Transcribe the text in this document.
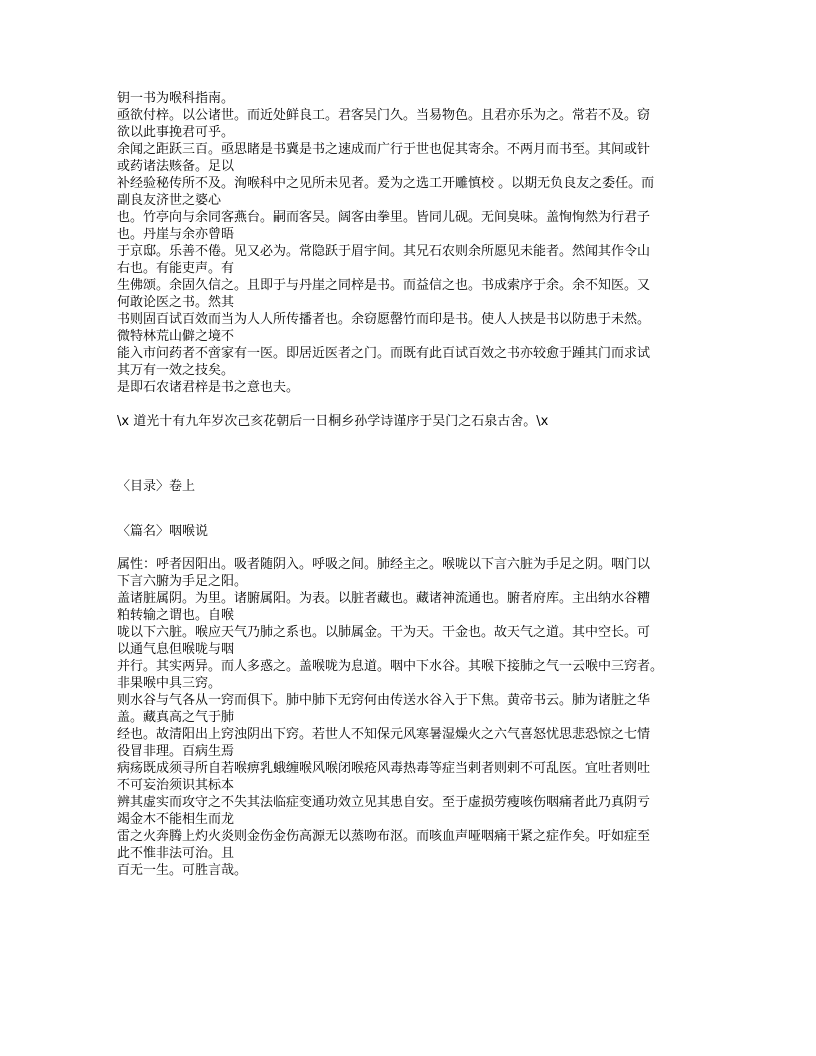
钥一书为喉科指南。
亟欲付梓。以公诸世。而近处鲜良工。君客吴门久。当易物色。且君亦乐为之。常若不及。窃
欲以此事挽君可乎。
余闻之距跃三百。亟思睹是书冀是书之速成而广行于世也促其寄余。不两月而书至。其间或针
或药诸法赅备。足以
补经验秘传所不及。洵喉科中之见所未见者。爰为之选工开雕慎校 。以期无负良友之委任。而
副良友济世之婆心
也。竹亭向与余同客燕台。嗣而客吴。阔客由拳里。皆同儿砚。无间臭味。盖恂恂然为行君子
也。丹崖与余亦曾晤
于京邸。乐善不倦。见又必为。常隐跃于眉宇间。其兄石农则余所愿见未能者。然闻其作令山
右也。有能吏声。有
生佛颂。余固久信之。且即于与丹崖之同梓是书。而益信之也。书成索序于余。余不知医。又
何敢论医之书。然其
书则固百试百效而当为人人所传播者也。余窃愿罄竹而印是书。使人人挟是书以防患于未然。
微特林荒山僻之境不
能入市问药者不啻家有一医。即居近医者之门。而既有此百试百效之书亦较愈于踵其门而求试
其万有一效之技矣。
是即石农诸君梓是书之意也夫。
\x 道光十有九年岁次己亥花朝后一日桐乡孙学诗谨序于吴门之石泉古舍。\x
〈目录〉卷上
〈篇名〉咽喉说
属性：呼者因阳出。吸者随阴入。呼吸之间。肺经主之。喉咙以下言六脏为手足之阴。咽门以
下言六腑为手足之阳。
盖诸脏属阴。为里。诸腑属阳。为表。以脏者藏也。藏诸神流通也。腑者府库。主出纳水谷糟
粕转输之谓也。自喉
咙以下六脏。喉应天气乃肺之系也。以肺属金。干为天。干金也。故天气之道。其中空长。可
以通气息但喉咙与咽
并行。其实两异。而人多惑之。盖喉咙为息道。咽中下水谷。其喉下接肺之气一云喉中三窍者。
非果喉中具三窍。
则水谷与气各从一窍而俱下。肺中肺下无窍何由传送水谷入于下焦。黄帝书云。肺为诸脏之华
盖。藏真高之气于肺
经也。故清阳出上窍浊阴出下窍。若世人不知保元风寒暑湿燥火之六气喜怒忧思悲恐惊之七情
役冒非理。百病生焉
病疡既成须寻所自若喉痹乳蛾缠喉风喉闭喉疮风毒热毒等症当剌者则剌不可乱医。宜吐者则吐
不可妄治须识其标本
辨其虚实而攻守之不失其法临症变通功效立见其患自安。至于虚损劳瘦咳伤咽痛者此乃真阴亏
竭金木不能相生而龙
雷之火奔腾上灼火炎则金伤金伤高源无以蒸吻布沤。而咳血声哑咽痛干紧之症作矣。吁如症至
此不惟非法可治。且
百无一生。可胜言哉。
